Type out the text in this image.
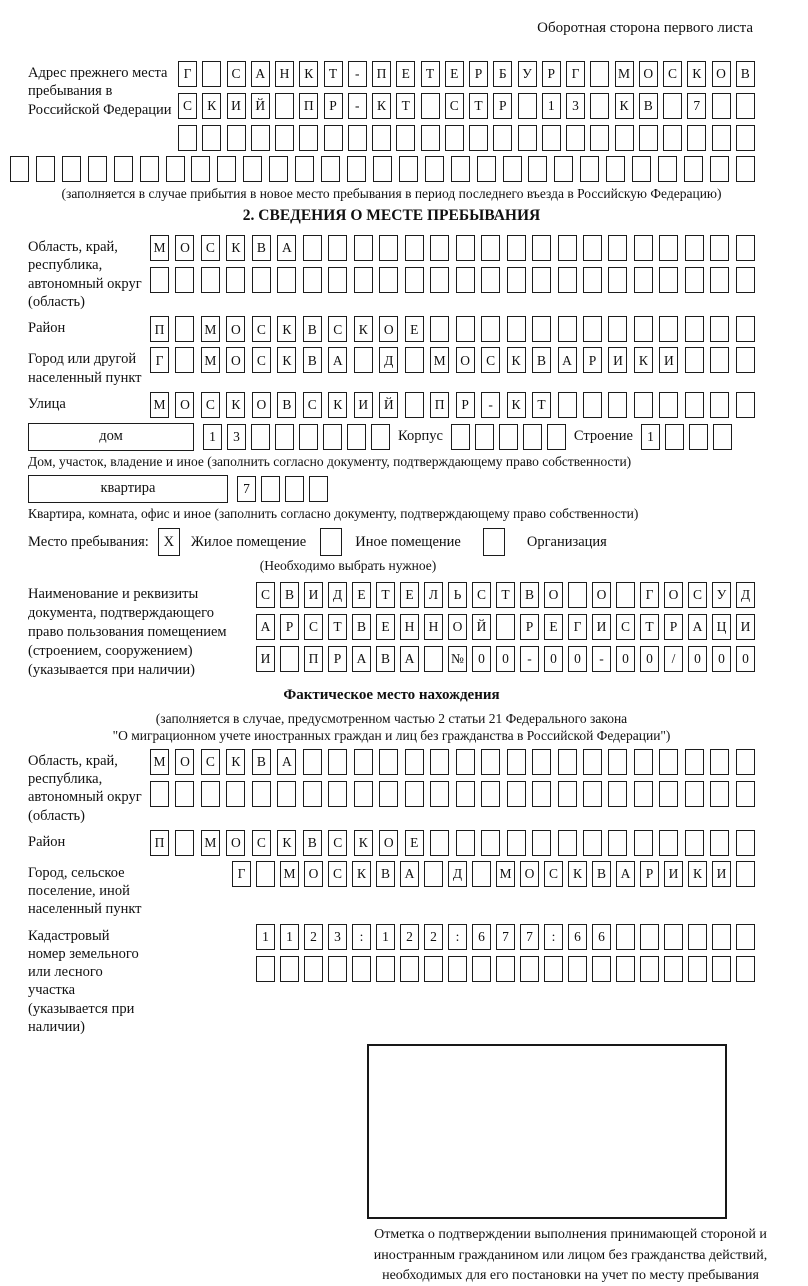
Оборотная сторона первого листа
Адрес прежнего места пребывания в Российской Федерации
Г	С	А	Н	К	Т	-	П	Е	Т	Е	Р	Б	У	Р	Г	М О	С	К	О	В
С	К	И	Й	П	Р	-	К	Т	С	Т	Р	1	3	К	В	7
(заполняется в случае прибытия в новое место пребывания в период последнего въезда в Российскую Федерацию)
2. СВЕДЕНИЯ О МЕСТЕ ПРЕБЫВАНИЯ
Область, край, республика, автономный округ (область)
М	О	С	К	В	А
Район	П	М	О	С	К	В	С	К	О	Е
Город или другой населенный пункт
Г	М	О	С	К	В	А	Д	М	О	С	К	В	А	Р	И	К	И
Улица	М	О	С	К	О	В	С	К	И	Й	П	Р	-	К	Т
дом	1	3	Корпус	Строение	1
Дом, участок, владение и иное (заполнить согласно документу, подтверждающему право собственности)
квартира	7
Квартира, комната, офис и иное (заполнить согласно документу, подтверждающему право собственности)
Место пребывания:	X	Жилое помещение	Иное помещение	Организация
(Необходимо выбрать нужное)
Наименование и реквизиты документа, подтверждающего право пользования помещением (строением, сооружением) (указывается при наличии)
С	В	И	Д	Е	Т	Е	Л	Ь	С	Т	В	О	О	Г	О	С	У	Д
А	Р	С	Т	В	Е	Н	Н	О	Й	Р	Е	Г	И	С	Т	Р	А	Ц	И
И	П	Р	А	В	А	№	0	0	-	0	0	-	0	0	/	0	0	0
Фактическое место нахождения
(заполняется в случае, предусмотренном частью 2 статьи 21 Федерального закона
"О миграционном учете иностранных граждан и лиц без гражданства в Российской Федерации")
Область, край, республика, автономный округ (область)
М	О	С	К	В	А
Район	П	М	О	С	К	В	С	К	О	Е
Город, сельское поселение, иной населенный пункт
Г	М О	С	К	В	А	Д	М О	С	К	В	А	Р	И	К	И
Кадастровый номер земельного или лесного участка (указывается при наличии)
1	1	2	3	:	1	2	2	:	6	7	7	:	6	6
Отметка о подтверждении выполнения принимающей стороной и иностранным гражданином или лицом без гражданства действий, необходимых для его постановки на учет по месту пребывания
